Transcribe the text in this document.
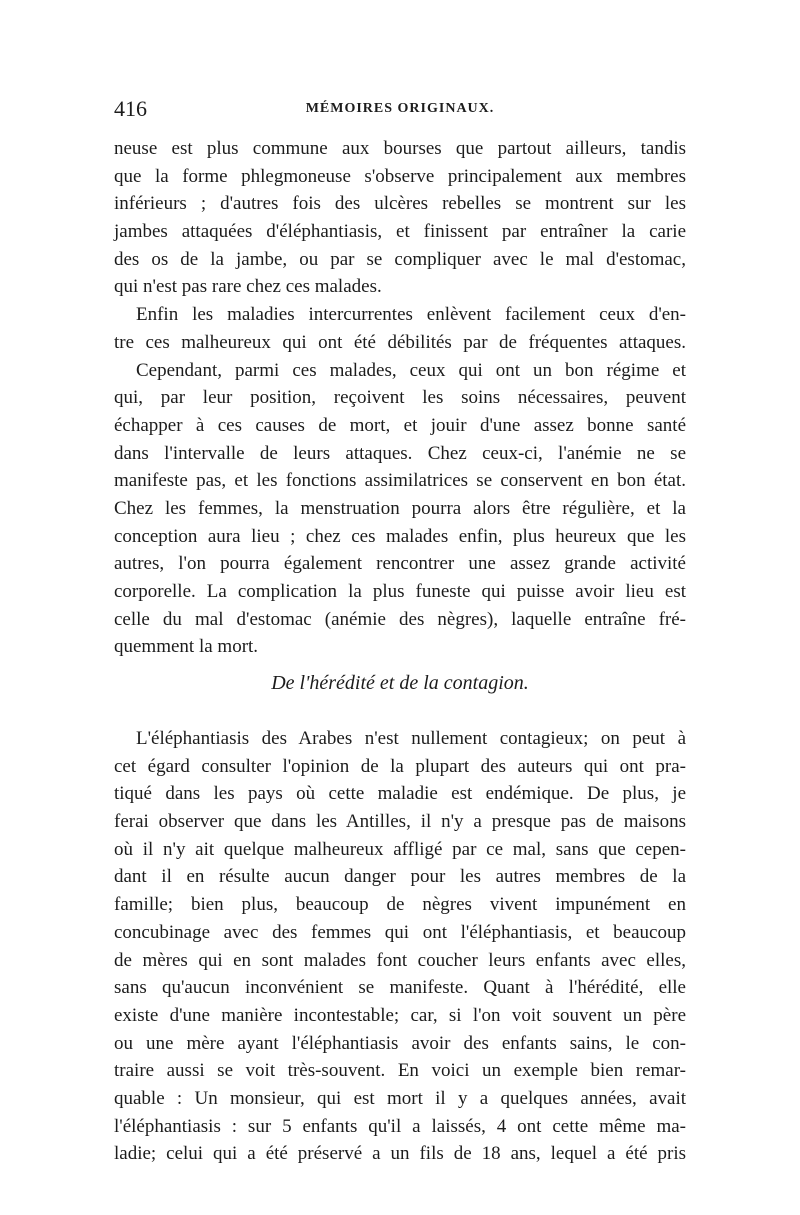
416	MÉMOIRES ORIGINAUX.
neuse est plus commune aux bourses que partout ailleurs, tandis
que la forme phlegmoneuse s'observe principalement aux membres
inférieurs ; d'autres fois des ulcères rebelles se montrent sur les
jambes attaquées d'éléphantiasis, et finissent par entraîner la carie
des os de la jambe, ou par se compliquer avec le mal d'estomac,
qui n'est pas rare chez ces malades.
Enfin les maladies intercurrentes enlèvent facilement ceux d'en-
tre ces malheureux qui ont été débilités par de fréquentes attaques.
Cependant, parmi ces malades, ceux qui ont un bon régime et
qui, par leur position, reçoivent les soins nécessaires, peuvent
échapper à ces causes de mort, et jouir d'une assez bonne santé
dans l'intervalle de leurs attaques. Chez ceux-ci, l'anémie ne se
manifeste pas, et les fonctions assimilatrices se conservent en bon état.
Chez les femmes, la menstruation pourra alors être régulière, et la
conception aura lieu ; chez ces malades enfin, plus heureux que les
autres, l'on pourra également rencontrer une assez grande activité
corporelle. La complication la plus funeste qui puisse avoir lieu est
celle du mal d'estomac (anémie des nègres), laquelle entraîne fré-
quemment la mort.
De l'hérédité et de la contagion.
L'éléphantiasis des Arabes n'est nullement contagieux; on peut à
cet égard consulter l'opinion de la plupart des auteurs qui ont pra-
tiqué dans les pays où cette maladie est endémique. De plus, je
ferai observer que dans les Antilles, il n'y a presque pas de maisons
où il n'y ait quelque malheureux affligé par ce mal, sans que cepen-
dant il en résulte aucun danger pour les autres membres de la
famille; bien plus, beaucoup de nègres vivent impunément en
concubinage avec des femmes qui ont l'éléphantiasis, et beaucoup
de mères qui en sont malades font coucher leurs enfants avec elles,
sans qu'aucun inconvénient se manifeste. Quant à l'hérédité, elle
existe d'une manière incontestable; car, si l'on voit souvent un père
ou une mère ayant l'éléphantiasis avoir des enfants sains, le con-
traire aussi se voit très-souvent. En voici un exemple bien remar-
quable : Un monsieur, qui est mort il y a quelques années, avait
l'éléphantiasis : sur 5 enfants qu'il a laissés, 4 ont cette même ma-
ladie; celui qui a été préservé a un fils de 18 ans, lequel a été pris
